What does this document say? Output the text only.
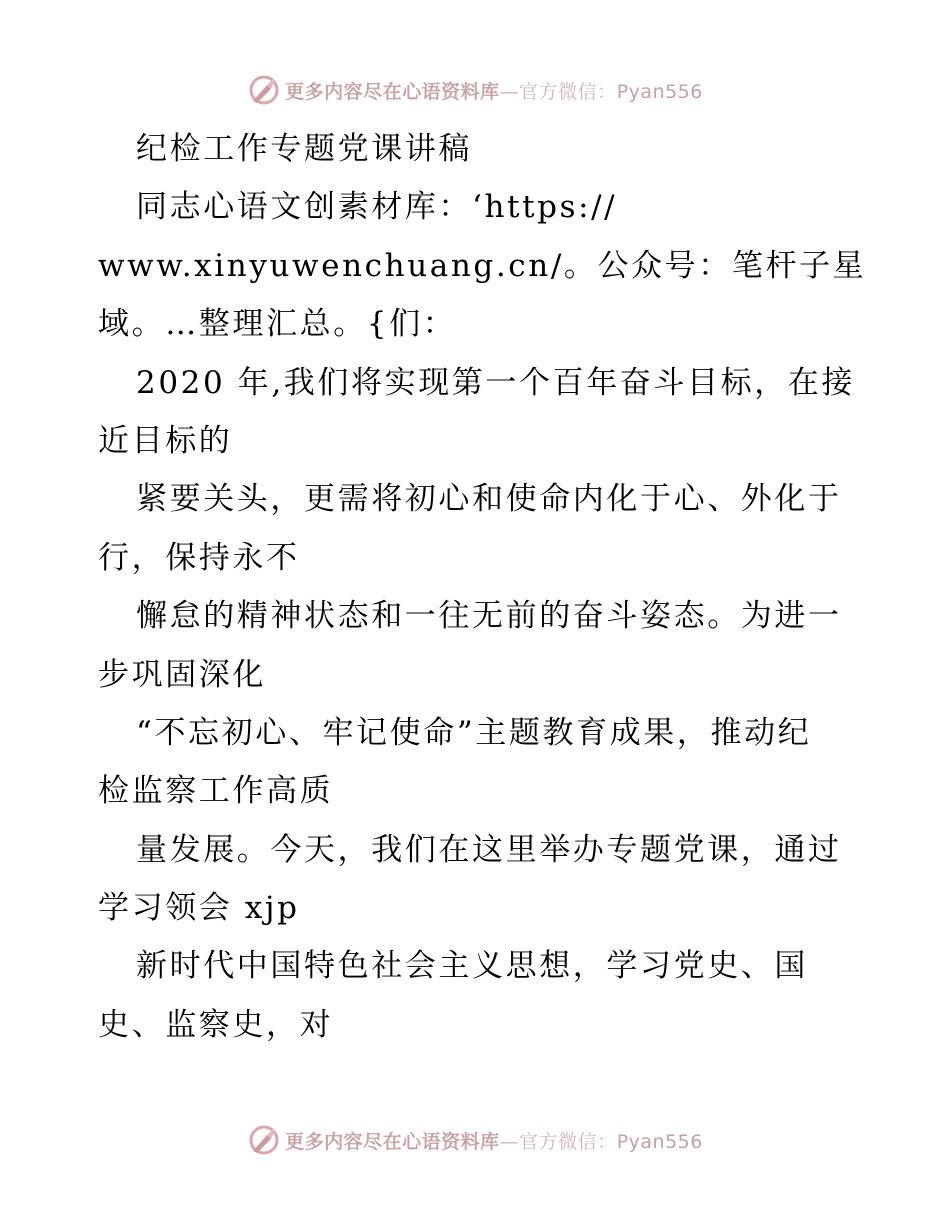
更多内容尽在心语资料库—官方微信：Pyan556
纪检工作专题党课讲稿
同志心语文创素材库：‘https://
www.xinyuwenchuang.cn/。公众号：笔杆子星
域。…整理汇总。{们：
2020 年,我们将实现第一个百年奋斗目标，在接
近目标的
紧要关头，更需将初心和使命内化于心、外化于
行，保持永不
懈怠的精神状态和一往无前的奋斗姿态。为进一
步巩固深化
“不忘初心、牢记使命”主题教育成果，推动纪
检监察工作高质
量发展。今天，我们在这里举办专题党课，通过
学习领会 xjp
新时代中国特色社会主义思想，学习党史、国
史、监察史，对
更多内容尽在心语资料库—官方微信：Pyan556
